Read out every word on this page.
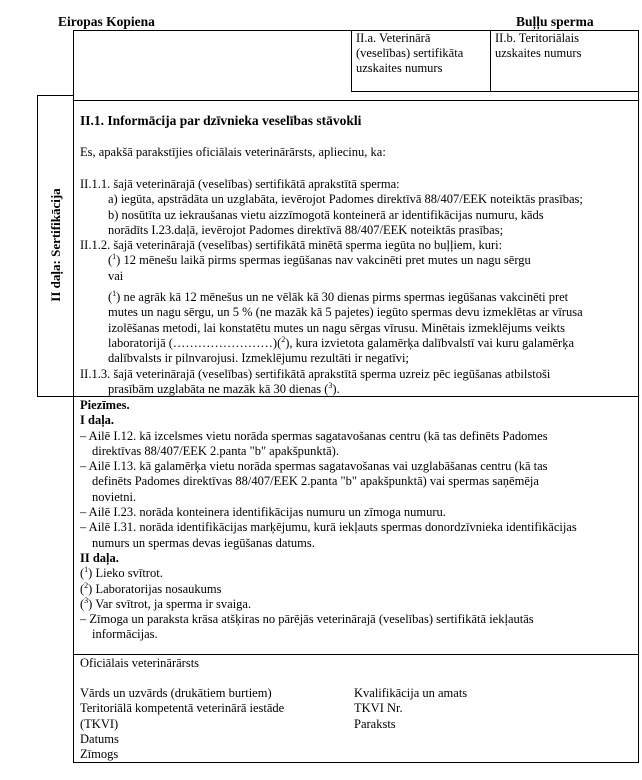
Eiropas Kopiena	Buļļu sperma
II.a. Veterinārā
(veselības) sertifikāta
uzskaites numurs
II.b. Teritoriālais
uzskaites numurs
II daļa: Sertifikācija
II.1. Informācija par dzīvnieka veselības stāvokli
Es, apakšā parakstījies oficiālais veterinārārsts, apliecinu, ka:
II.1.1. šajā veterinārajā (veselības) sertifikātā aprakstītā sperma:
a) iegūta, apstrādāta un uzglabāta, ievērojot Padomes direktīvā 88/407/EEK noteiktās prasības;
b) nosūtīta uz iekraušanas vietu aizzīmogotā konteinerā ar identifikācijas numuru, kāds
norādīts I.23.daļā, ievērojot Padomes direktīvā 88/407/EEK noteiktās prasības;
II.1.2. šajā veterinārajā (veselības) sertifikātā minētā sperma iegūta no buļļiem, kuri:
($^1$) 12 mēnešu laikā pirms spermas iegūšanas nav vakcinēti pret mutes un nagu sērgu
vai
($^1$) ne agrāk kā 12 mēnešus un ne vēlāk kā 30 dienas pirms spermas iegūšanas vakcinēti pret
mutes un nagu sērgu, un 5 % (ne mazāk kā 5 pajetes) iegūto spermas devu izmeklētas ar vīrusa
izolēšanas metodi, lai konstatētu mutes un nagu sērgas vīrusu. Minētais izmeklējums veikts
laboratorijā (……………………)($^2$), kura izvietota galamērķa dalībvalstī vai kuru galamērķa
dalībvalsts ir pilnvarojusi. Izmeklējumu rezultāti ir negatīvi;
II.1.3. šajā veterinārajā (veselības) sertifikātā aprakstītā sperma uzreiz pēc iegūšanas atbilstoši
prasībām uzglabāta ne mazāk kā 30 dienas ($^3$).
Piezīmes.
I daļa.
– Ailē I.12. kā izcelsmes vietu norāda spermas sagatavošanas centru (kā tas definēts Padomes
direktīvas 88/407/EEK 2.panta "b" apakšpunktā).
– Ailē I.13. kā galamērķa vietu norāda spermas sagatavošanas vai uzglabāšanas centru (kā tas
definēts Padomes direktīvas 88/407/EEK 2.panta "b" apakšpunktā) vai spermas saņēmēja
novietni.
– Ailē I.23. norāda konteinera identifikācijas numuru un zīmoga numuru.
– Ailē I.31. norāda identifikācijas marķējumu, kurā iekļauts spermas donordzīvnieka identifikācijas
numurs un spermas devas iegūšanas datums.
II daļa.
($^1$) Lieko svītrot.
($^2$) Laboratorijas nosaukums
($^3$) Var svītrot, ja sperma ir svaiga.
– Zīmoga un paraksta krāsa atšķiras no pārējās veterinārajā (veselības) sertifikātā iekļautās
informācijas.
Oficiālais veterinārārsts
Vārds un uzvārds (drukātiem burtiem)
Teritoriālā kompetentā veterinārā iestāde
(TKVI)
Datums
Zīmogs
Kvalifikācija un amats
TKVI Nr.
Paraksts
